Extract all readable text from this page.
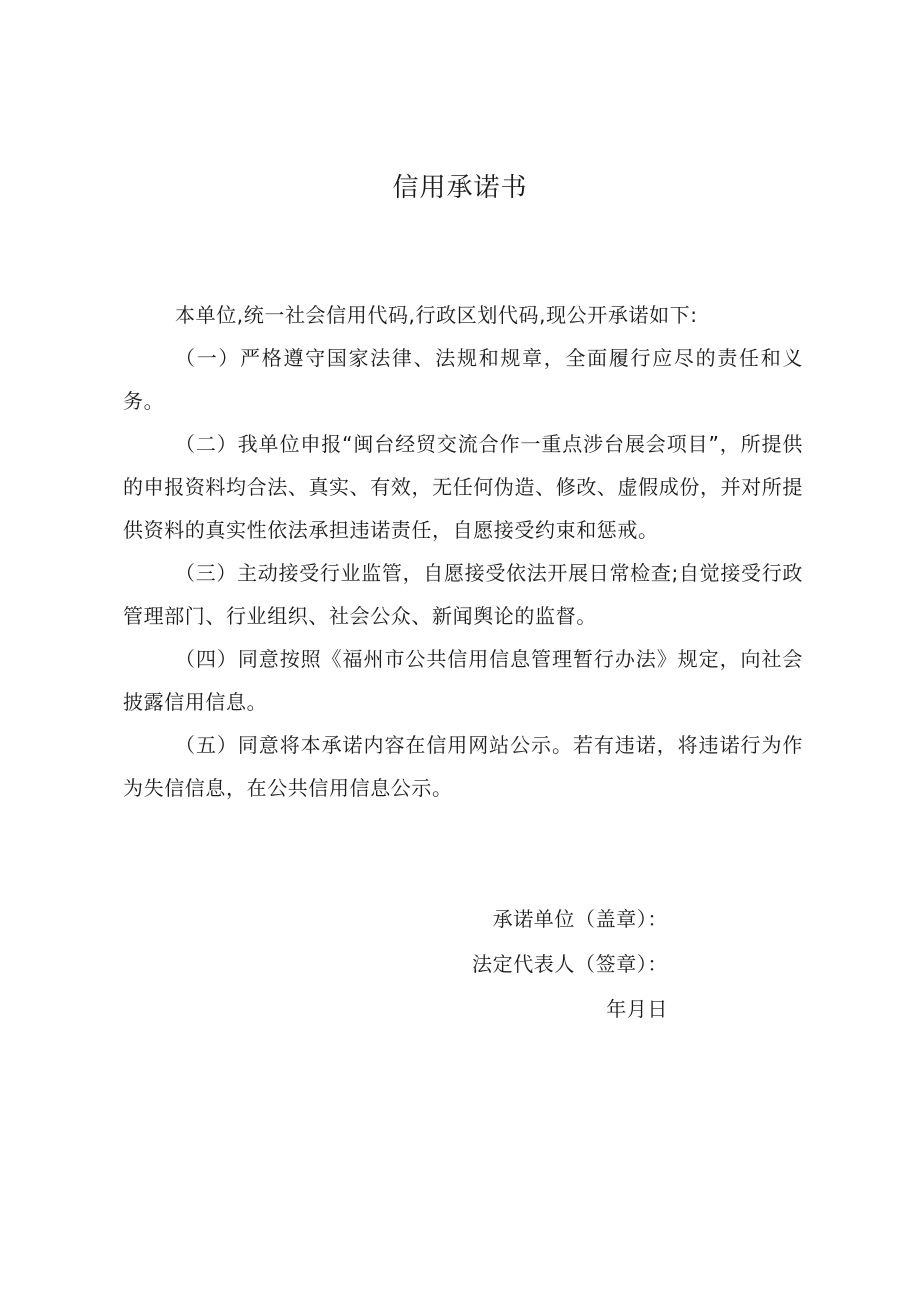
信用承诺书

本单位,统一社会信用代码,行政区划代码,现公开承诺如下:

（一）严格遵守国家法律、法规和规章，全面履行应尽的责任和义务。

（二）我单位申报“闽台经贸交流合作一重点涉台展会项目”，所提供的申报资料均合法、真实、有效，无任何伪造、修改、虚假成份，并对所提供资料的真实性依法承担违诺责任，自愿接受约束和惩戒。

（三）主动接受行业监管，自愿接受依法开展日常检查;自觉接受行政管理部门、行业组织、社会公众、新闻舆论的监督。

（四）同意按照《福州市公共信用信息管理暂行办法》规定，向社会披露信用信息。

（五）同意将本承诺内容在信用网站公示。若有违诺，将违诺行为作为失信信息，在公共信用信息公示。

承诺单位（盖章）：
法定代表人（签章）：
年月日
